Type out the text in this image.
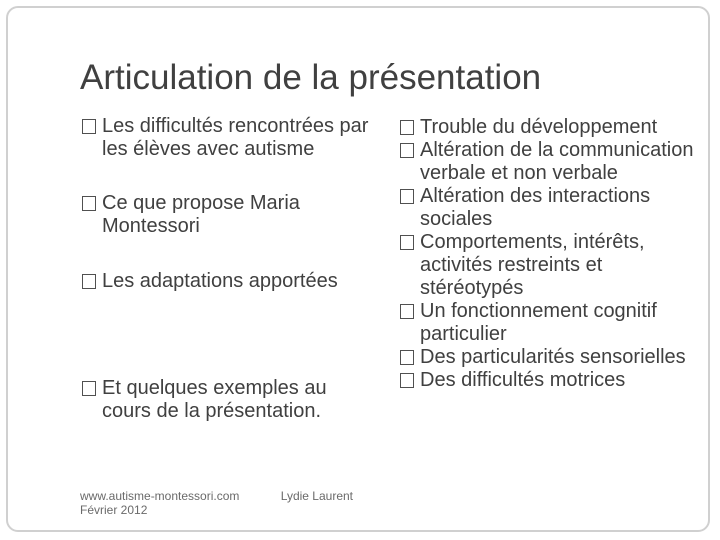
Articulation de la présentation

Les difficultés rencontrées par les élèves avec autisme

Ce que propose Maria Montessori

Les adaptations apportées

Et quelques exemples au cours de la présentation.

Trouble du développement

Altération de la communication verbale et non verbale

Altération des interactions sociales

Comportements, intérêts, activités restreints et stéréotypés

Un fonctionnement cognitif particulier

Des particularités sensorielles

Des difficultés motrices

www.autisme-montessori.com	Lydie Laurent
Février 2012
